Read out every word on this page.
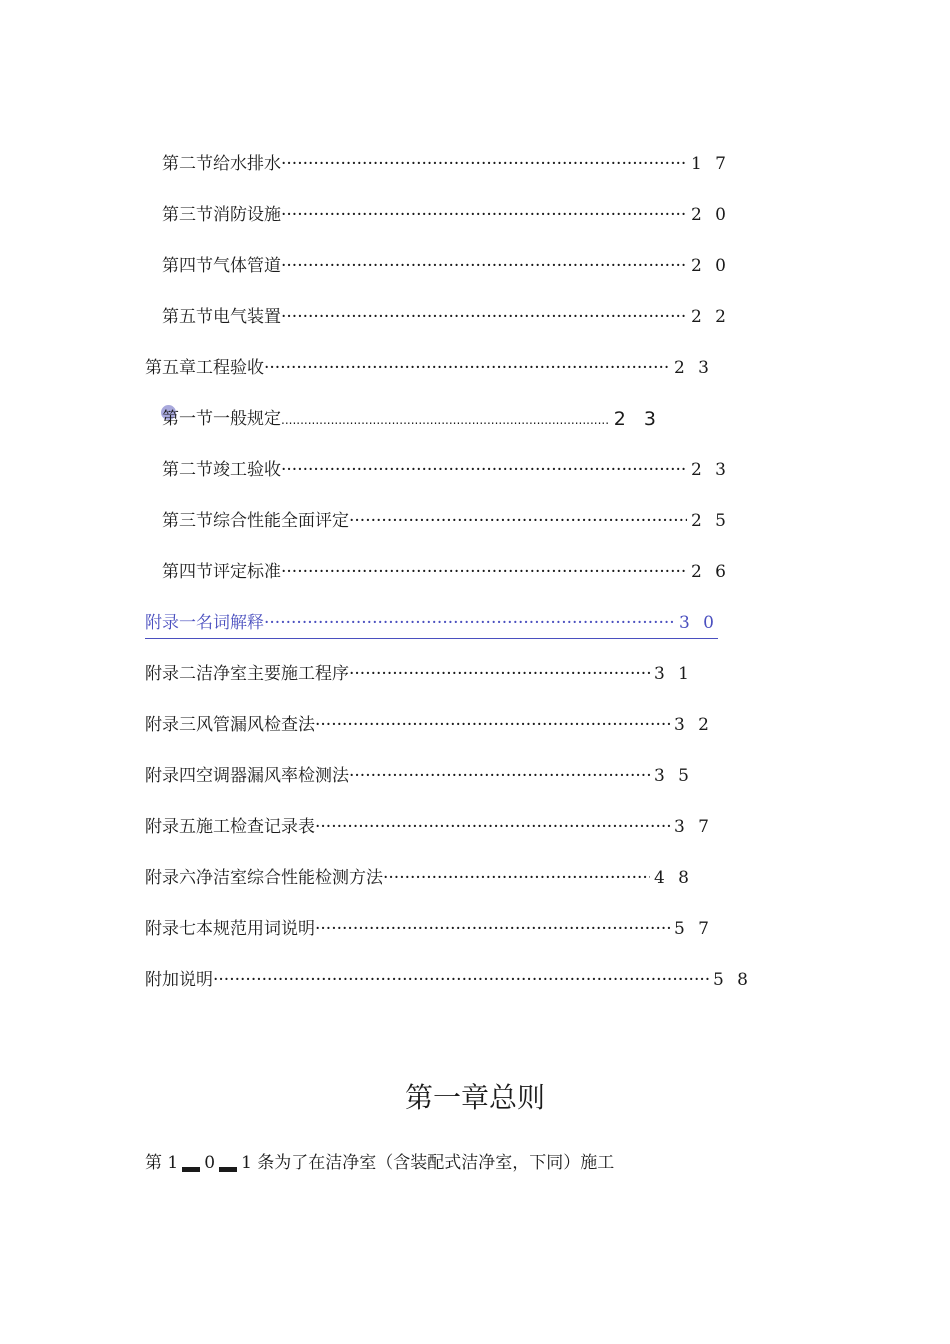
第二节给水排水 ·····	1 7
第三节消防设施 ·····	2 0
第四节气体管道 ·····	2 0
第五节电气装置 ·····	2 2
第五章工程验收 ·····	2 3
第一节一般规定 .....	2 3
第二节竣工验收 ·····	2 3
第三节综合性能全面评定 ·····	2 5
第四节评定标准 ·····	2 6
附录一名词解释 ·····	3 0
附录二洁净室主要施工程序 ·····	3 1
附录三风管漏风检查法 ·····	3 2
附录四空调器漏风率检测法 ·····	3 5
附录五施工检查记录表 ·····	3 7
附录六净洁室综合性能检测方法 ·····	4 8
附录七本规范用词说明 ·····	5 7
附加说明 ·····	5 8
第一章总则
第 1 0 1 条为了在洁净室（含装配式洁净室，下同）施工
